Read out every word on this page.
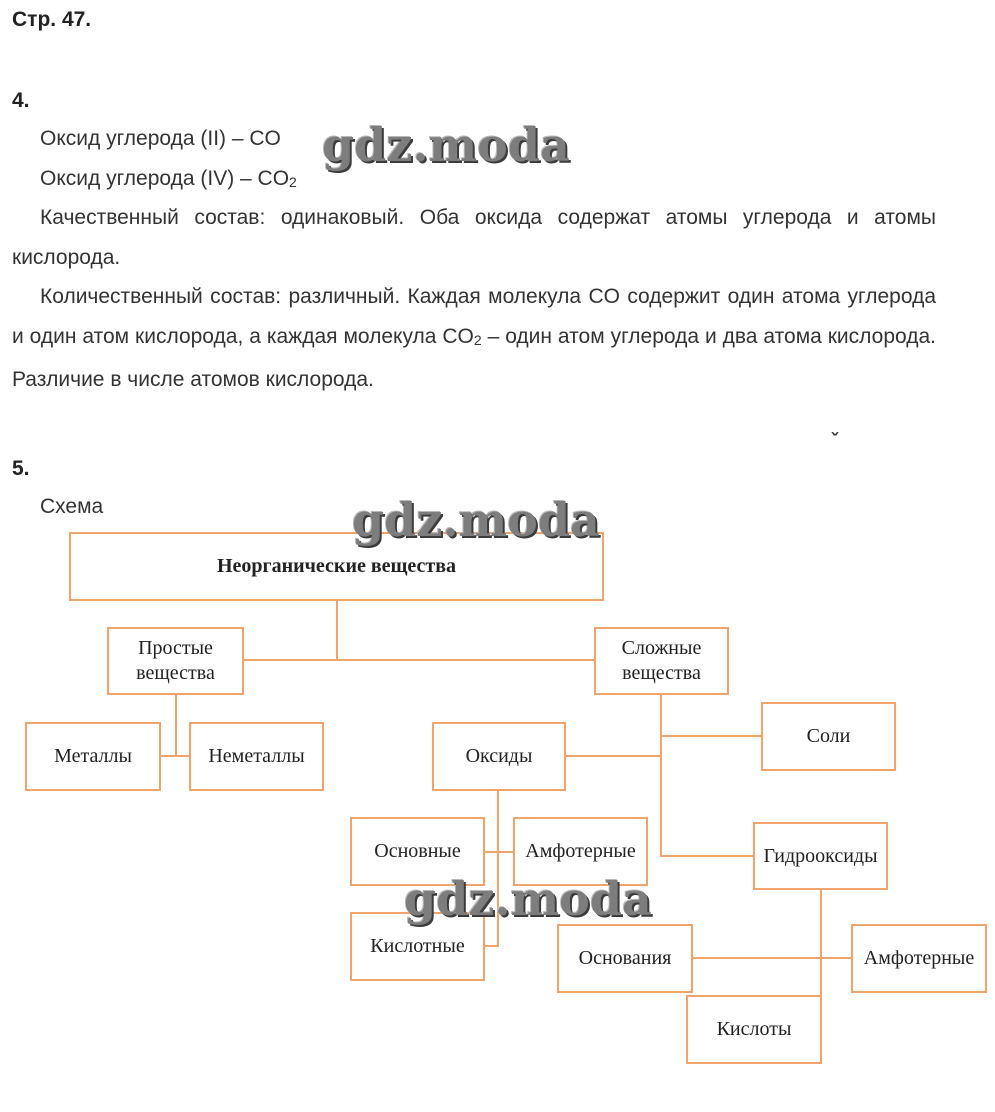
Стр. 47.
4.
Оксид углерода (II) – CO
Оксид углерода $(IV) - CO_2$

Качественный состав: одинаковый. Оба оксида содержат атомы углерода и атомы кислорода.

Количественный состав: различный. Каждая молекула CO содержит один атома углерода и один атом кислорода, а каждая молекула $CO_2$ – один атом углерода и два атома кислорода. Различие в числе атомов кислорода.

˯
5.
Схема
Неорганические вещества
Простые вещества
Сложные вещества
Металлы	Неметаллы	Оксиды
Соли
Основные	Амфотерные
Кислотные
Гидрооксиды
Основания	Амфотерные
Кислоты
gdz.moda
gdz.moda
gdz.moda
